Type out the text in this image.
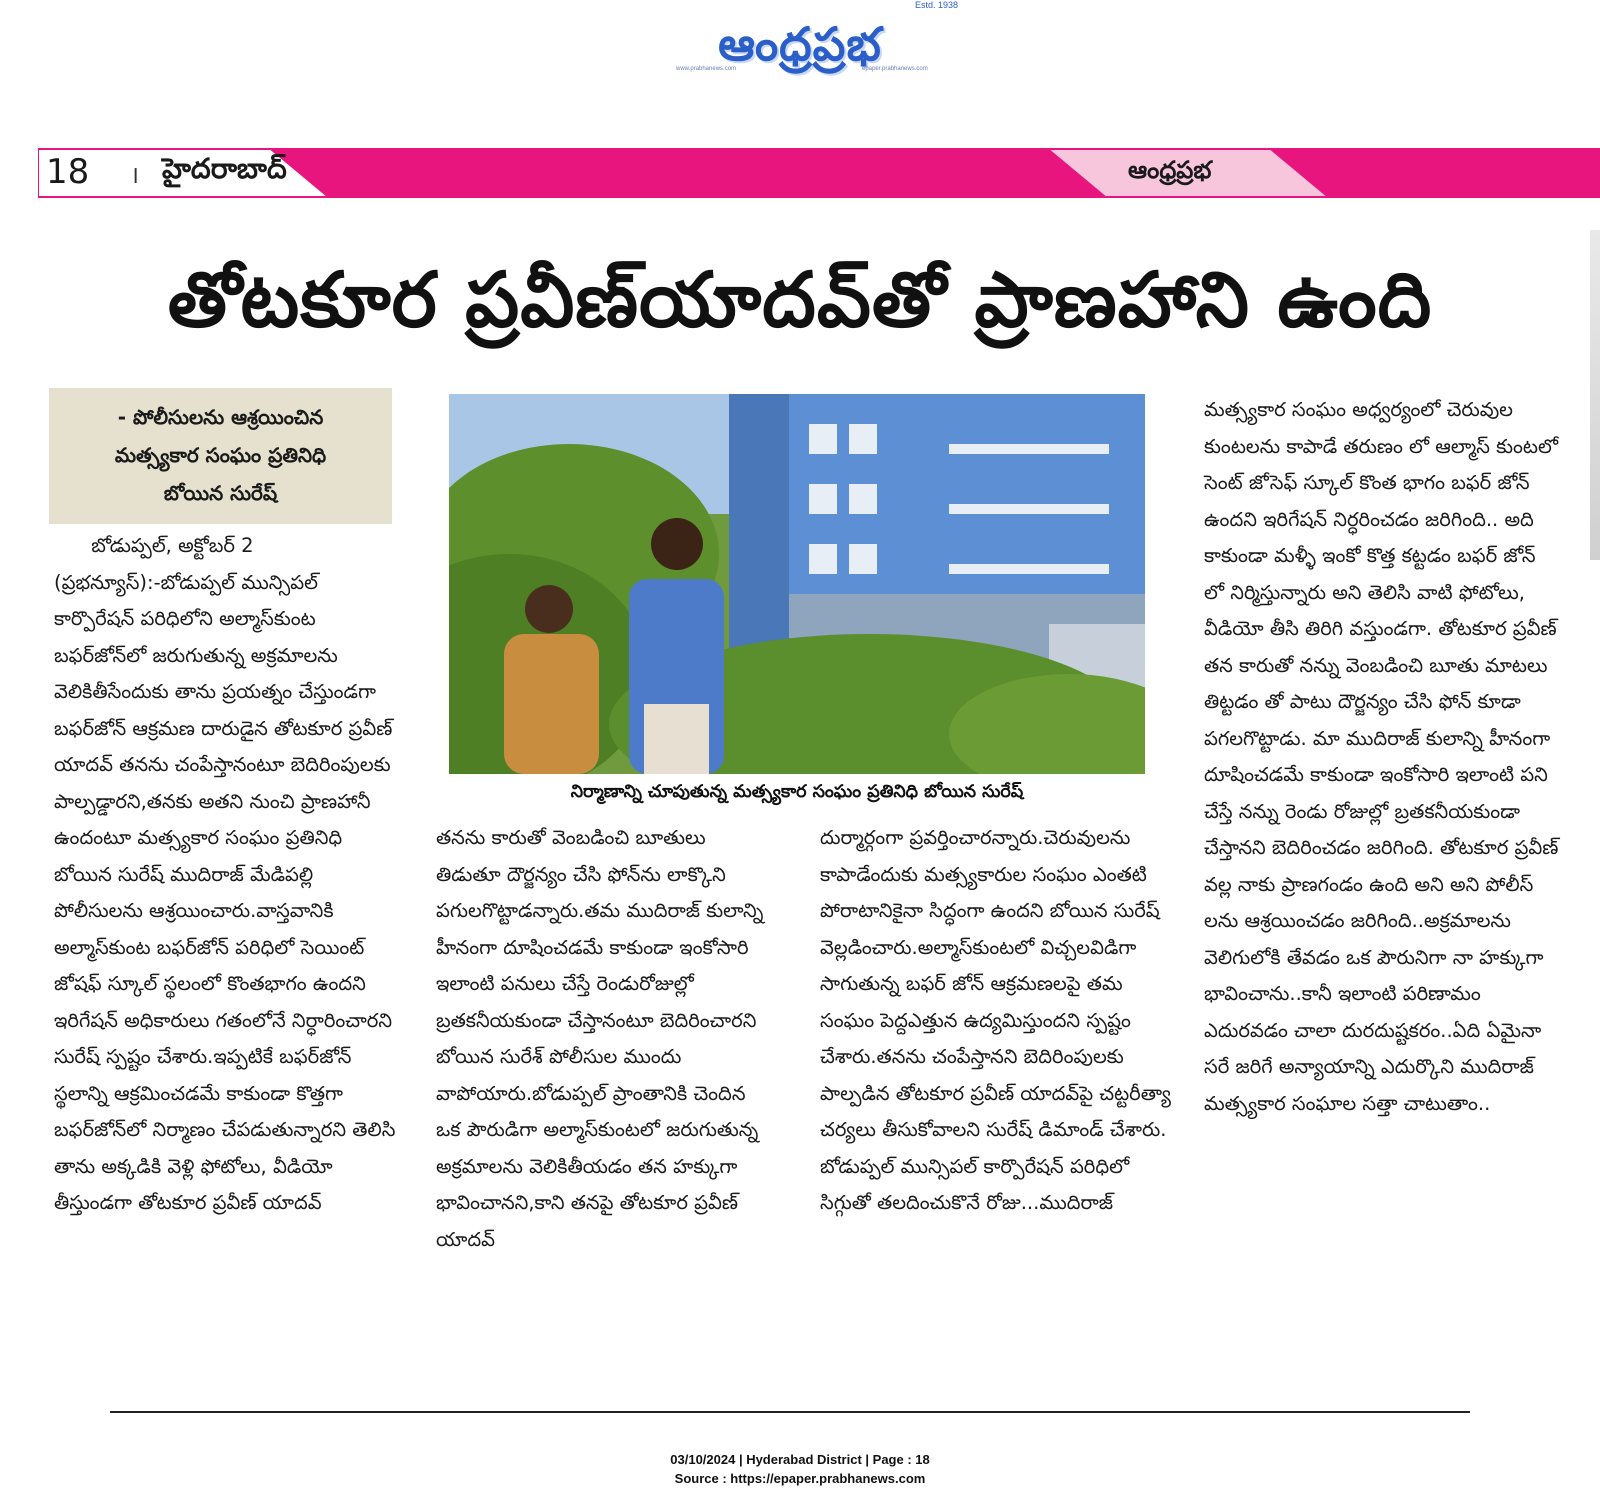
ఆంధ్రప్రభ
Estd. 1938
www.prabhanews.com	epaper.prabhanews.com
18 । హైదరాబాద్	ఆంధ్రప్రభ
తోటకూర ప్రవీణ్‌యాదవ్‌తో ప్రాణహాని ఉంది
- పోలీసులను ఆశ్రయించిన
మత్స్యకార సంఘం ప్రతినిధి
బోయిన సురేష్
బోడుప్పల్, అక్టోబర్ 2
(ప్రభన్యూస్):-బోడుప్పల్ మున్సిపల్ కార్పొరేషన్ పరిధిలోని అల్మాస్‌కుంట బఫర్‌జోన్‌లో జరుగుతున్న అక్రమాలను వెలికితీసేందుకు తాను ప్రయత్నం చేస్తుండగా బఫర్‌జోన్ ఆక్రమణ దారుడైన తోటకూర ప్రవీణ్ యాదవ్ తనను చంపేస్తానంటూ బెదిరింపులకు పాల్పడ్డారని,తనకు అతని నుంచి ప్రాణహానీ ఉందంటూ మత్స్యకార సంఘం ప్రతినిధి బోయిన సురేష్ ముదిరాజ్ మేడిపల్లి పోలీసులను ఆశ్రయించారు.వాస్తవానికి అల్మాస్‌కుంట బఫర్‌జోన్ పరిధిలో సెయింట్ జోషఫ్ స్కూల్ స్థలంలో కొంతభాగం ఉందని ఇరిగేషన్ అధికారులు గతంలోనే నిర్ధారించారని సురేష్ స్పష్టం చేశారు.ఇప్పటికే బఫర్‌జోన్ స్థలాన్ని ఆక్రమించడమే కాకుండా కొత్తగా బఫర్‌జోన్‌లో నిర్మాణం చేపడుతున్నారని తెలిసి తాను అక్కడికి వెళ్లి ఫోటోలు, వీడియో తీస్తుండగా తోటకూర ప్రవీణ్ యాదవ్
నిర్మాణాన్ని చూపుతున్న మత్స్యకార సంఘం ప్రతినిధి బోయిన సురేష్
తనను కారుతో వెంబడించి బూతులు తిడుతూ దౌర్జన్యం చేసి ఫోన్‌ను లాక్కొని పగులగొట్టాడన్నారు.తమ ముదిరాజ్ కులాన్ని హీనంగా దూషించడమే కాకుండా ఇంకోసారి ఇలాంటి పనులు చేస్తే రెండురోజుల్లో బ్రతకనీయకుండా చేస్తానంటూ బెదిరించారని బోయిన సురేశ్ పోలీసుల ముందు వాపోయారు.బోడుప్పల్ ప్రాంతానికి చెందిన ఒక పౌరుడిగా అల్మాస్‌కుంటలో జరుగుతున్న అక్రమాలను వెలికితీయడం తన హక్కుగా భావించానని,కాని తనపై తోటకూర ప్రవీణ్ యాదవ్
దుర్మార్గంగా ప్రవర్తించారన్నారు.చెరువులను కాపాడేందుకు మత్స్యకారుల సంఘం ఎంతటి పోరాటానికైనా సిద్ధంగా ఉందని బోయిన సురేష్ వెల్లడించారు.అల్మాస్‌కుంటలో విచ్చలవిడిగా సాగుతున్న బఫర్ జోన్ ఆక్రమణలపై తమ సంఘం పెద్దఎత్తున ఉద్యమిస్తుందని స్పష్టం చేశారు.తనను చంపేస్తానని బెదిరింపులకు పాల్పడిన తోటకూర ప్రవీణ్ యాదవ్‌పై చట్టరీత్యా చర్యలు తీసుకోవాలని సురేష్ డిమాండ్ చేశారు. బోడుప్పల్ మున్సిపల్ కార్పొరేషన్ పరిధిలో సిగ్గుతో తలదించుకొనే రోజు...ముదిరాజ్
మత్స్యకార సంఘం అధ్వర్యంలో చెరువుల కుంటలను కాపాడే తరుణం లో ఆల్మాస్ కుంటలో సెంట్ జోసెఫ్ స్కూల్ కొంత భాగం బఫర్ జోన్ ఉందని ఇరిగేషన్ నిర్ధరించడం జరిగింది.. అది కాకుండా మళ్ళీ ఇంకో కొత్త కట్టడం బఫర్ జోన్ లో నిర్మిస్తున్నారు అని తెలిసి వాటి ఫోటోలు, వీడియో తీసి తిరిగి వస్తుండగా. తోటకూర ప్రవీణ్ తన కారుతో నన్ను వెంబడించి బూతు మాటలు తిట్టడం తో పాటు దౌర్జన్యం చేసి ఫోన్ కూడా పగలగొట్టాడు. మా ముదిరాజ్ కులాన్ని హీనంగా దూషించడమే కాకుండా ఇంకోసారి ఇలాంటి పని చేస్తే నన్ను రెండు రోజుల్లో బ్రతకనీయకుండా చేస్తానని బెదిరించడం జరిగింది. తోటకూర ప్రవీణ్ వల్ల నాకు ప్రాణగండం ఉంది అని అని పోలీస్ లను ఆశ్రయించడం జరిగింది..అక్రమాలను వెలిగులోకి తేవడం ఒక పౌరునిగా నా హక్కుగా భావించాను..కానీ ఇలాంటి పరిణామం ఎదురవడం చాలా దురదుష్టకరం..ఏది ఏమైనా సరే జరిగే అన్యాయాన్ని ఎదుర్కొని ముదిరాజ్ మత్స్యకార సంఘాల సత్తా చాటుతాం..
03/10/2024 | Hyderabad District | Page : 18
Source : https://epaper.prabhanews.com
